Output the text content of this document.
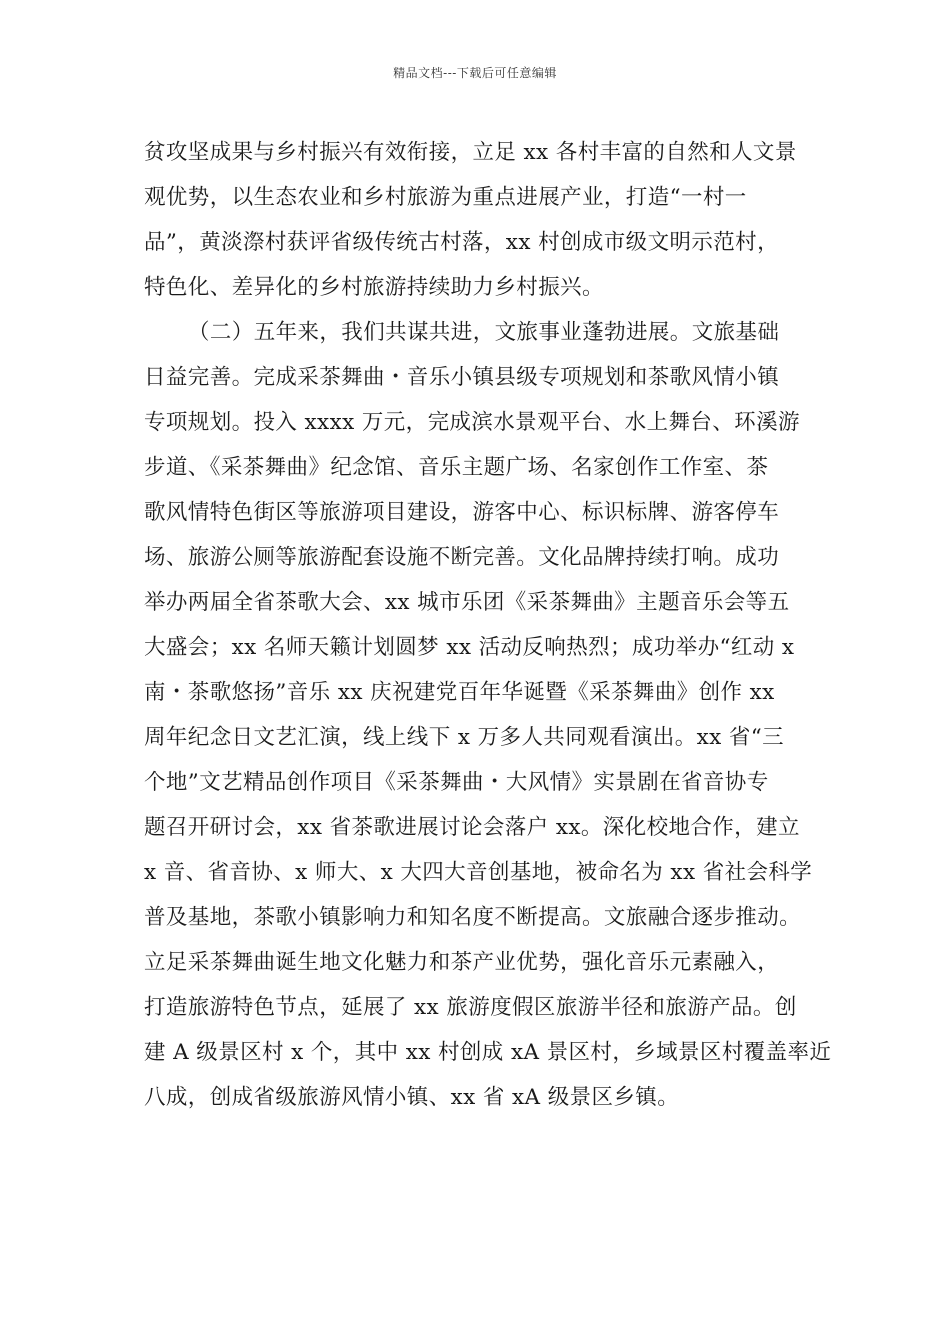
精品文档---下载后可任意编辑
贫攻坚成果与乡村振兴有效衔接，立足 xx 各村丰富的自然和人文景
观优势，以生态农业和乡村旅游为重点进展产业，打造“一村一
品”，黄淡漈村获评省级传统古村落，xx 村创成市级文明示范村，
特色化、差异化的乡村旅游持续助力乡村振兴。
（二）五年来，我们共谋共进，文旅事业蓬勃进展。文旅基础
日益完善。完成采茶舞曲・音乐小镇县级专项规划和茶歌风情小镇
专项规划。投入 xxxx 万元，完成滨水景观平台、水上舞台、环溪游
步道、《采茶舞曲》纪念馆、音乐主题广场、名家创作工作室、茶
歌风情特色街区等旅游项目建设，游客中心、标识标牌、游客停车
场、旅游公厕等旅游配套设施不断完善。文化品牌持续打响。成功
举办两届全省茶歌大会、xx 城市乐团《采茶舞曲》主题音乐会等五
大盛会；xx 名师天籁计划圆梦 xx 活动反响热烈；成功举办“红动 x
南・茶歌悠扬”音乐 xx 庆祝建党百年华诞暨《采茶舞曲》创作 xx
周年纪念日文艺汇演，线上线下 x 万多人共同观看演出。xx 省“三
个地”文艺精品创作项目《采茶舞曲・大风情》实景剧在省音协专
题召开研讨会，xx 省茶歌进展讨论会落户 xx。深化校地合作，建立
x 音、省音协、x 师大、x 大四大音创基地，被命名为 xx 省社会科学
普及基地，茶歌小镇影响力和知名度不断提高。文旅融合逐步推动。
立足采茶舞曲诞生地文化魅力和茶产业优势，强化音乐元素融入，
打造旅游特色节点，延展了 xx 旅游度假区旅游半径和旅游产品。创
建 A 级景区村 x 个，其中 xx 村创成 xA 景区村，乡域景区村覆盖率近
八成，创成省级旅游风情小镇、xx 省 xA 级景区乡镇。
